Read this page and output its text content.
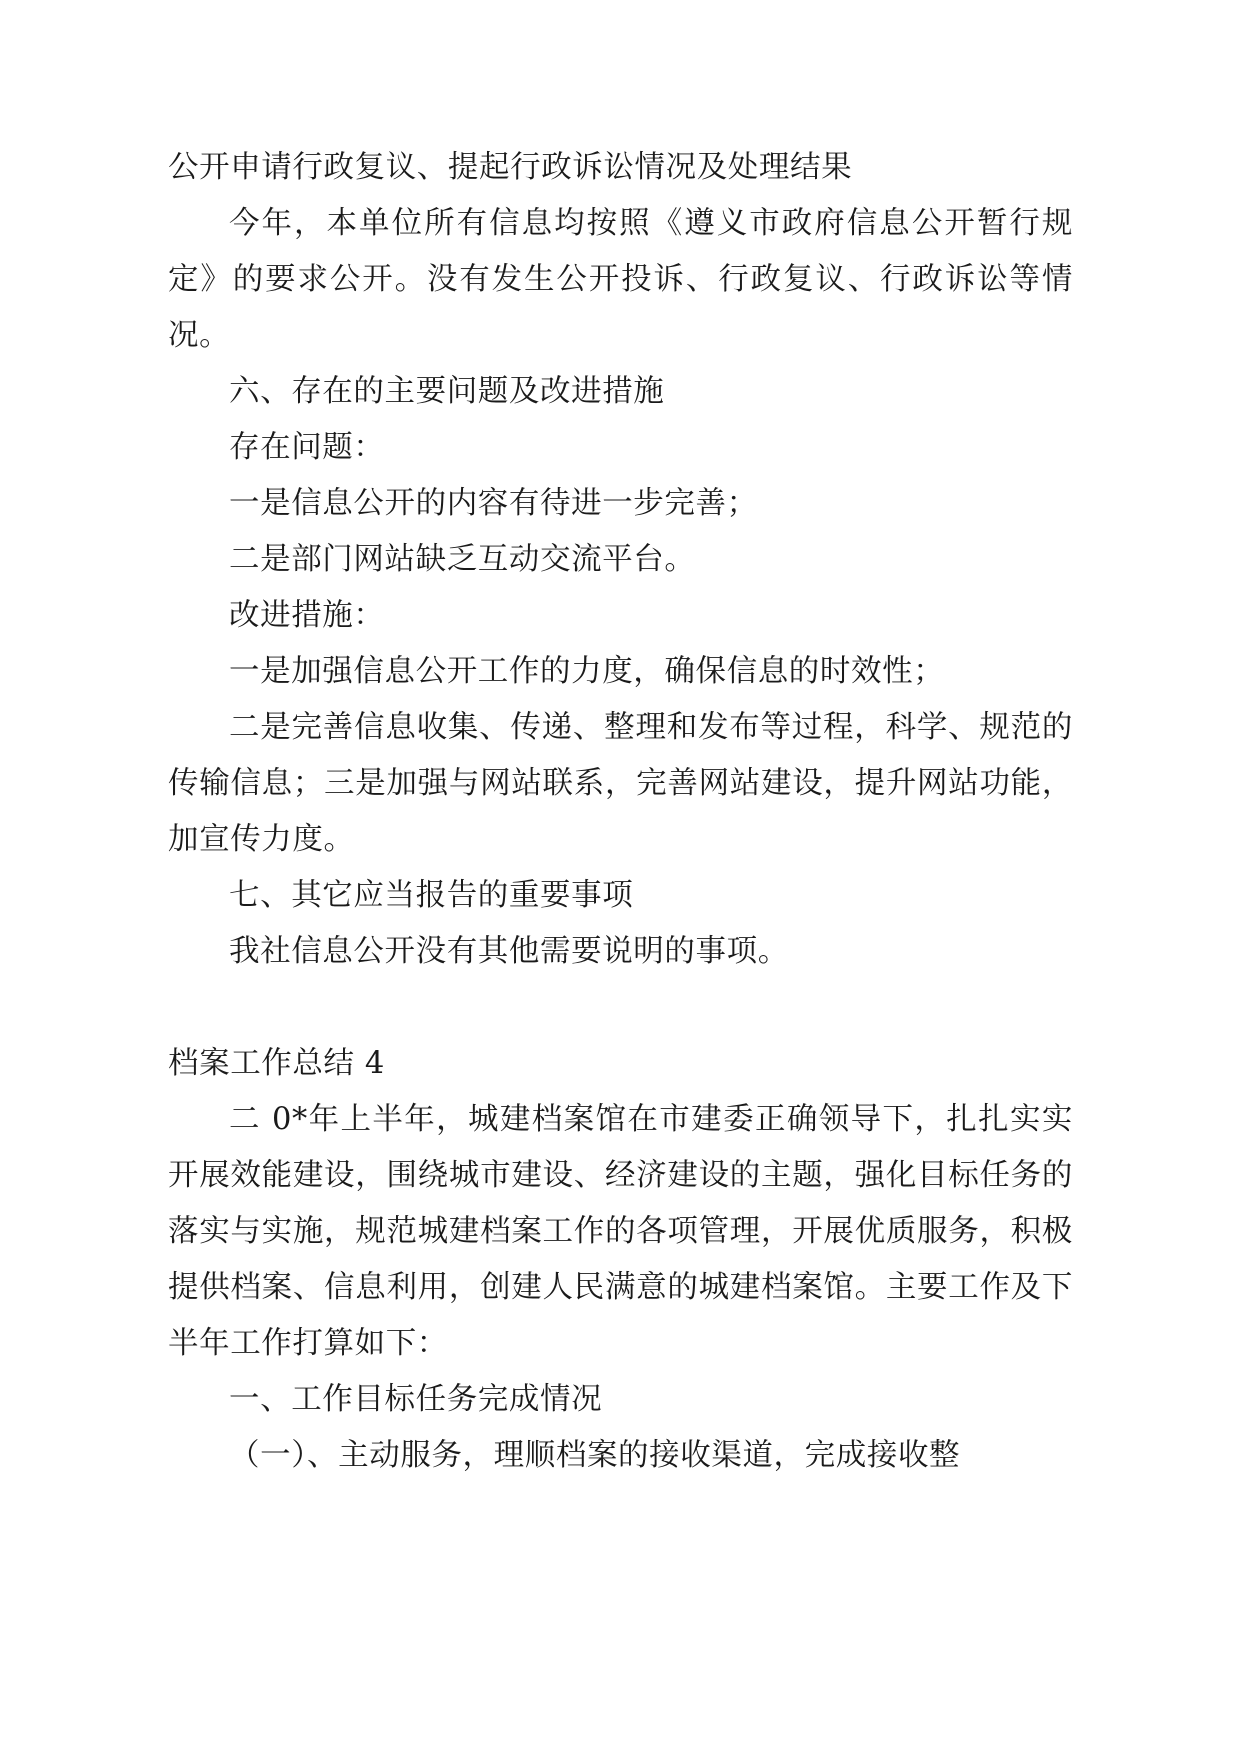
公开申请行政复议、提起行政诉讼情况及处理结果

今年，本单位所有信息均按照《遵义市政府信息公开暂行规定》的要求公开。没有发生公开投诉、行政复议、行政诉讼等情况。

六、存在的主要问题及改进措施

存在问题：

一是信息公开的内容有待进一步完善；

二是部门网站缺乏互动交流平台。

改进措施：

一是加强信息公开工作的力度，确保信息的时效性；

二是完善信息收集、传递、整理和发布等过程，科学、规范的传输信息；三是加强与网站联系，完善网站建设，提升网站功能，加宣传力度。

七、其它应当报告的重要事项

我社信息公开没有其他需要说明的事项。

档案工作总结 4

二 0*年上半年，城建档案馆在市建委正确领导下，扎扎实实开展效能建设，围绕城市建设、经济建设的主题，强化目标任务的落实与实施，规范城建档案工作的各项管理，开展优质服务，积极提供档案、信息利用，创建人民满意的城建档案馆。主要工作及下半年工作打算如下：

一、工作目标任务完成情况

（一）、主动服务，理顺档案的接收渠道，完成接收整
